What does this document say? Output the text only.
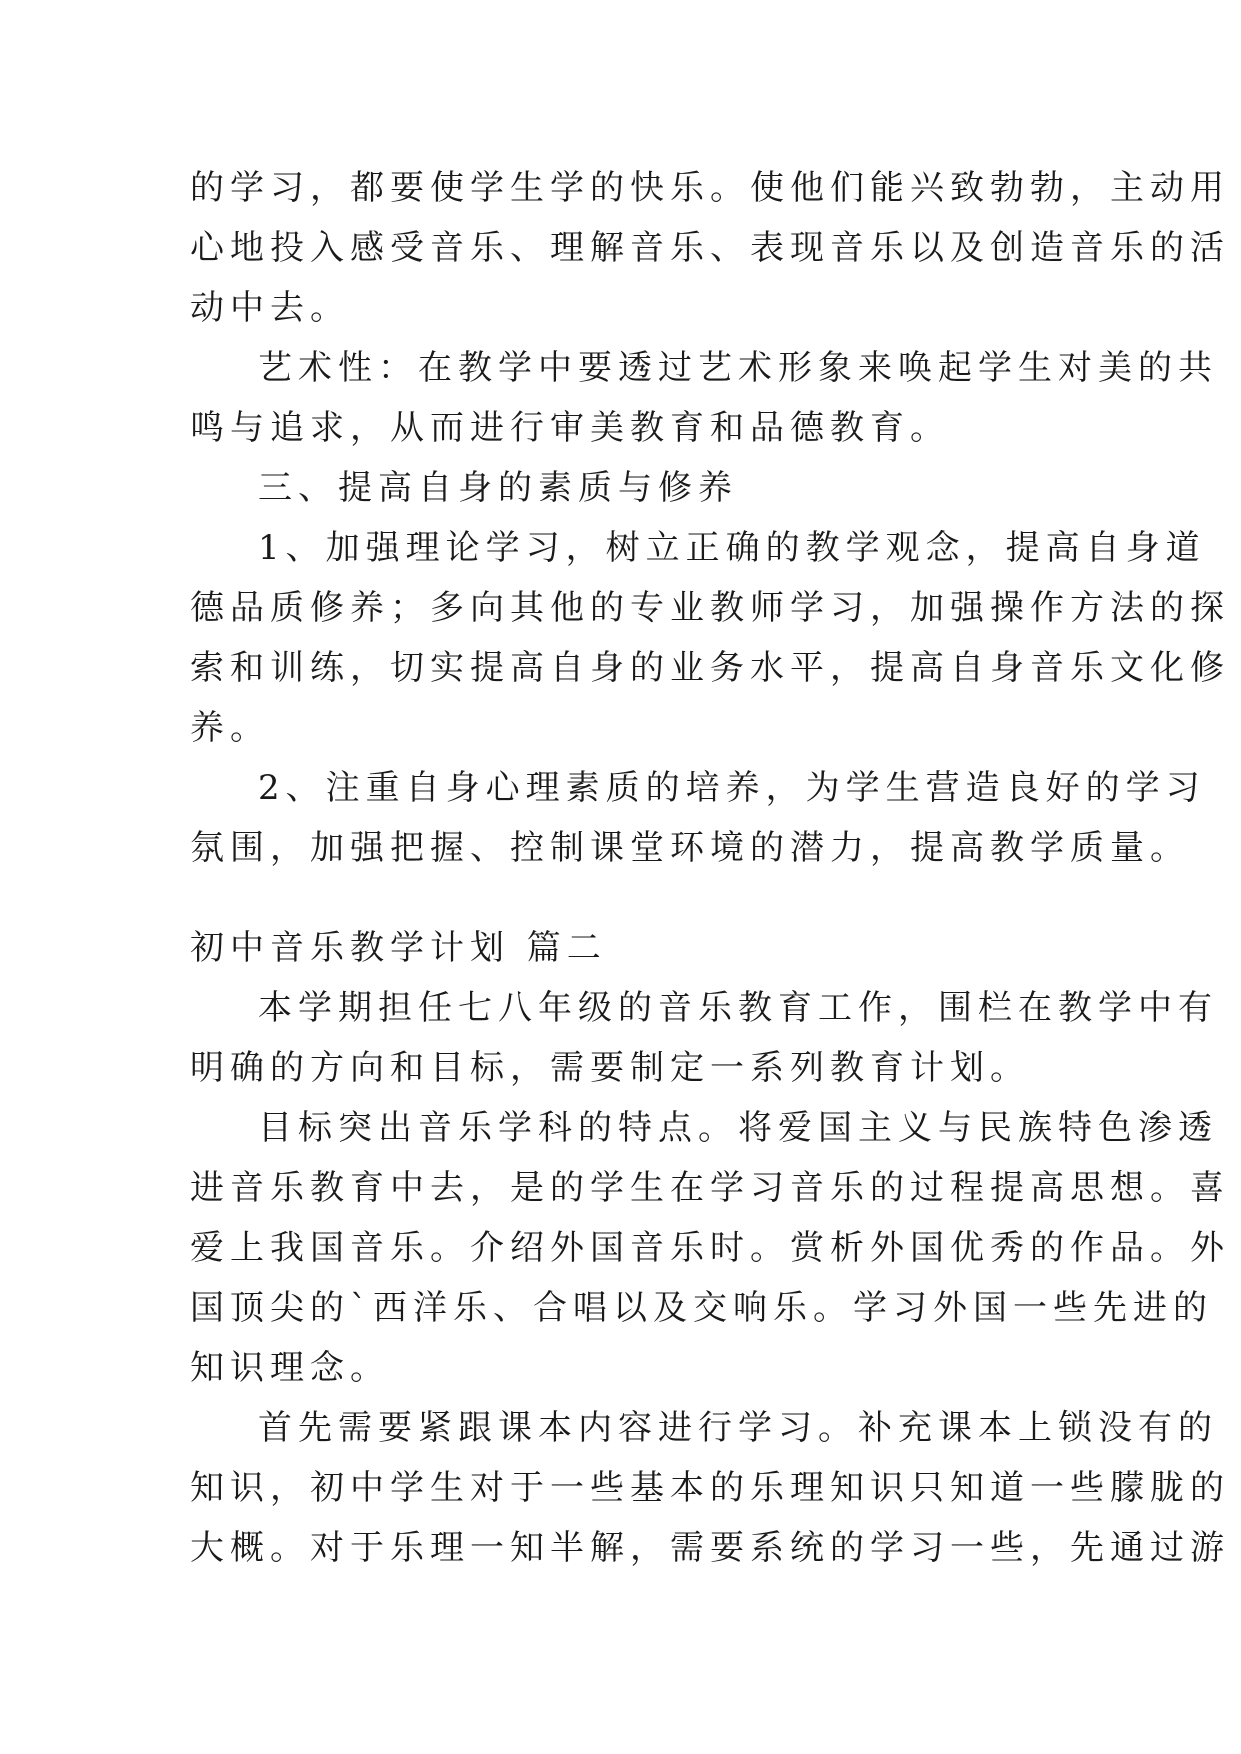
的学习，都要使学生学的快乐。使他们能兴致勃勃，主动用
心地投入感受音乐、理解音乐、表现音乐以及创造音乐的活
动中去。
艺术性：在教学中要透过艺术形象来唤起学生对美的共
鸣与追求，从而进行审美教育和品德教育。
三、提高自身的素质与修养
1、加强理论学习，树立正确的教学观念，提高自身道
德品质修养；多向其他的专业教师学习，加强操作方法的探
索和训练，切实提高自身的业务水平，提高自身音乐文化修
养。
2、注重自身心理素质的培养，为学生营造良好的学习
氛围，加强把握、控制课堂环境的潜力，提高教学质量。
初中音乐教学计划 篇二
本学期担任七八年级的音乐教育工作，围栏在教学中有
明确的方向和目标，需要制定一系列教育计划。
目标突出音乐学科的特点。将爱国主义与民族特色渗透
进音乐教育中去，是的学生在学习音乐的过程提高思想。喜
爱上我国音乐。介绍外国音乐时。赏析外国优秀的作品。外
国顶尖的`西洋乐、合唱以及交响乐。学习外国一些先进的
知识理念。
首先需要紧跟课本内容进行学习。补充课本上锁没有的
知识，初中学生对于一些基本的乐理知识只知道一些朦胧的
大概。对于乐理一知半解，需要系统的学习一些，先通过游
